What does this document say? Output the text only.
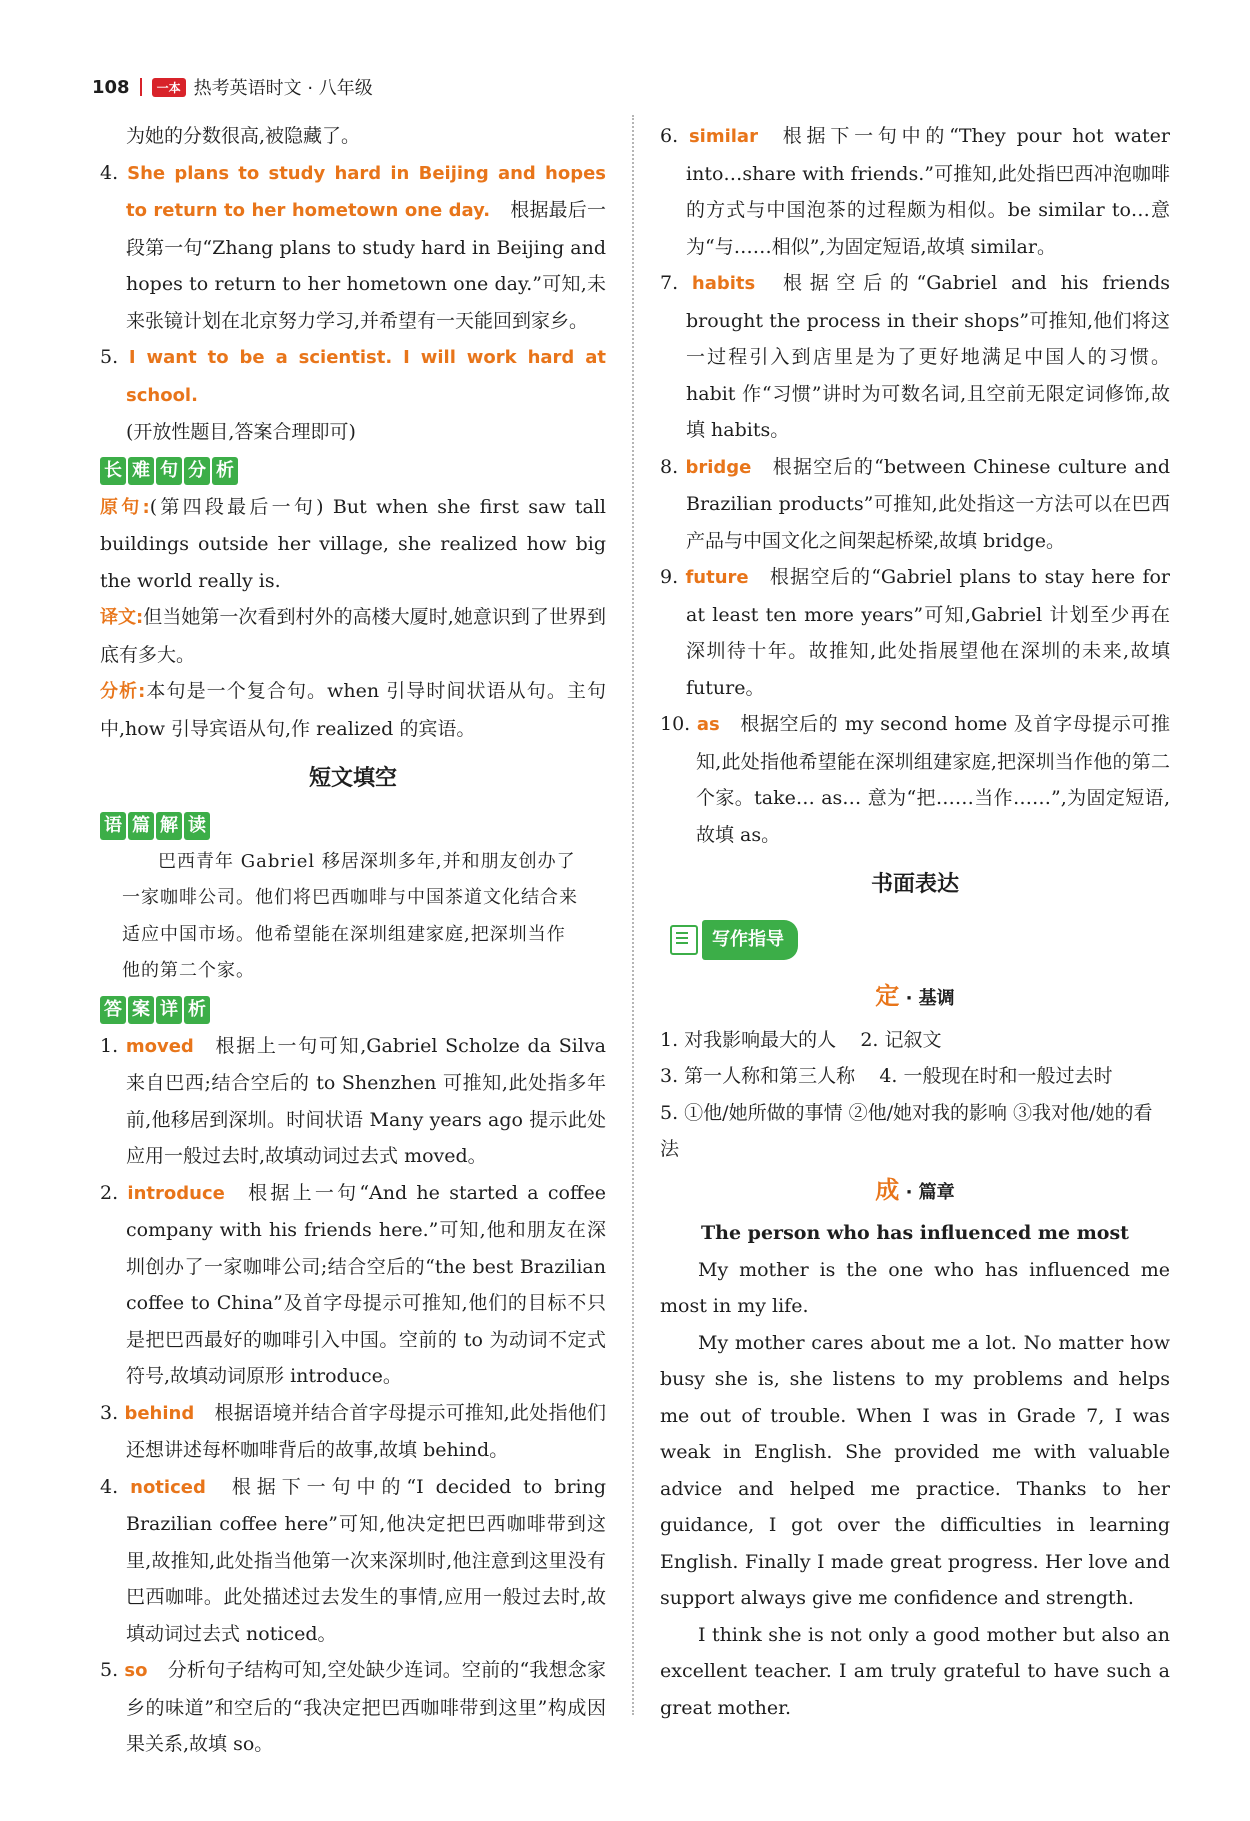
108	一本 热考英语时文 · 八年级

为她的分数很高,被隐藏了。

4. She plans to study hard in Beijing and hopes to return to her hometown one day. 根据最后一段第一句“Zhang plans to study hard in Beijing and hopes to return to her hometown one day.”可知,未来张镜计划在北京努力学习,并希望有一天能回到家乡。

5. I want to be a scientist. I will work hard at school.
(开放性题目,答案合理即可)

长 难 句 分 析

原句:(第四段最后一句) But when she first saw tall buildings outside her village, she realized how big the world really is.

译文:但当她第一次看到村外的高楼大厦时,她意识到了世界到底有多大。

分析:本句是一个复合句。when 引导时间状语从句。主句中,how 引导宾语从句,作 realized 的宾语。

短文填空
语 篇 解 读

巴西青年 Gabriel 移居深圳多年,并和朋友创办了一家咖啡公司。他们将巴西咖啡与中国茶道文化结合来适应中国市场。他希望能在深圳组建家庭,把深圳当作他的第二个家。

答 案 详 析

1. moved 根据上一句可知,Gabriel Scholze da Silva 来自巴西;结合空后的 to Shenzhen 可推知,此处指多年前,他移居到深圳。时间状语 Many years ago 提示此处应用一般过去时,故填动词过去式 moved。

2. introduce 根据上一句“And he started a coffee company with his friends here.”可知,他和朋友在深圳创办了一家咖啡公司;结合空后的“the best Brazilian coffee to China”及首字母提示可推知,他们的目标不只是把巴西最好的咖啡引入中国。空前的 to 为动词不定式符号,故填动词原形 introduce。

3. behind 根据语境并结合首字母提示可推知,此处指他们还想讲述每杯咖啡背后的故事,故填 behind。

4. noticed 根据下一句中的“I decided to bring Brazilian coffee here”可知,他决定把巴西咖啡带到这里,故推知,此处指当他第一次来深圳时,他注意到这里没有巴西咖啡。此处描述过去发生的事情,应用一般过去时,故填动词过去式 noticed。

5. so 分析句子结构可知,空处缺少连词。空前的“我想念家乡的味道”和空后的“我决定把巴西咖啡带到这里”构成因果关系,故填 so。

6. similar 根据下一句中的“They pour hot water into…share with friends.”可推知,此处指巴西冲泡咖啡的方式与中国泡茶的过程颇为相似。be similar to…意为“与……相似”,为固定短语,故填 similar。

7. habits 根据空后的“Gabriel and his friends brought the process in their shops”可推知,他们将这一过程引入到店里是为了更好地满足中国人的习惯。habit 作“习惯”讲时为可数名词,且空前无限定词修饰,故填 habits。

8. bridge 根据空后的“between Chinese culture and Brazilian products”可推知,此处指这一方法可以在巴西产品与中国文化之间架起桥梁,故填 bridge。

9. future 根据空后的“Gabriel plans to stay here for at least ten more years”可知,Gabriel 计划至少再在深圳待十年。故推知,此处指展望他在深圳的未来,故填 future。

10. as 根据空后的 my second home 及首字母提示可推知,此处指他希望能在深圳组建家庭,把深圳当作他的第二个家。take… as… 意为“把……当作……”,为固定短语,故填 as。

书面表达
写作指导
定 · 基调

1. 对我影响最大的人    2. 记叙文

3. 第一人称和第三人称    4. 一般现在时和一般过去时

5. ①他/她所做的事情 ②他/她对我的影响 ③我对他/她的看法

成 · 篇章

The person who has influenced me most

My mother is the one who has influenced me most in my life.

My mother cares about me a lot. No matter how busy she is, she listens to my problems and helps me out of trouble. When I was in Grade 7, I was weak in English. She provided me with valuable advice and helped me practice. Thanks to her guidance, I got over the difficulties in learning English. Finally I made great progress. Her love and support always give me confidence and strength.

I think she is not only a good mother but also an excellent teacher. I am truly grateful to have such a great mother.
